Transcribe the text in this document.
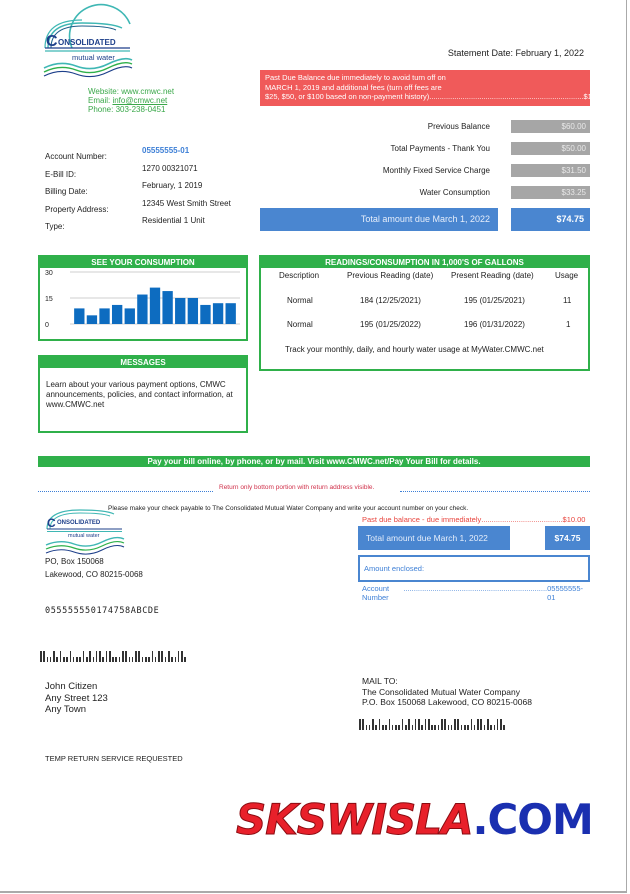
C ONSOLIDATED
mutual water
Website: www.cmwc.net
Email: info@cmwc.net
Phone: 303-238-0451
Statement Date: February 1, 2022
Past Due Balance due immediately to avoid turn off on
MARCH 1, 2019 and additional fees (turn off fees are
$25, $50, or $100 based on non-payment history) .......................................................................... $10.00
Account Number:
05555555-01
E-Bill ID:
1270 00321071
Billing Date:
February, 1 2019
Property Address:
12345 West Smith Street
Type:
Residential 1 Unit
Previous Balance	$60.00
Total Payments - Thank You	$50.00
Monthly Fixed Service Charge	$31.50
Water Consumption	$33.25
Total amount due March 1, 2022	$74.75
SEE YOUR CONSUMPTION
30
15
0
READINGS/CONSUMPTION IN 1,000'S OF GALLONS
Description	Previous Reading (date) Present Reading (date)	Usage
Normal	184 (12/25/2021)	195 (01/25/2021)	11
Normal	195 (01/25/2022)	196 (01/31/2022)	1
Track your monthly, daily, and hourly water usage at MyWater.CMWC.net
MESSAGES
Learn about your various payment options, CMWC announcements, policies, and contact information, at www.CMWC.net
Pay your bill online, by phone, or by mail. Visit www.CMWC.net/Pay Your Bill for details.
Return only bottom portion with return address visible.
Please make your check payable to The Consolidated Mutual Water Company and write your account number on your check.
C ONSOLIDATED
mutual water
PO, Box 150068
Lakewood, CO 80215-0068
Past due balance - due immediately ....................................... $10.00
Total amount due March 1, 2022	$74.75
Amount enclosed:
Account Number
..................................................................... 05555555-01
055555550174758ABCDE
John Citizen
Any Street 123
Any Town
MAIL TO:
The Consolidated Mutual Water Company
P.O. Box 150068 Lakewood, CO 80215-0068
TEMP RETURN SERVICE REQUESTED
SKSWISLA.COM
